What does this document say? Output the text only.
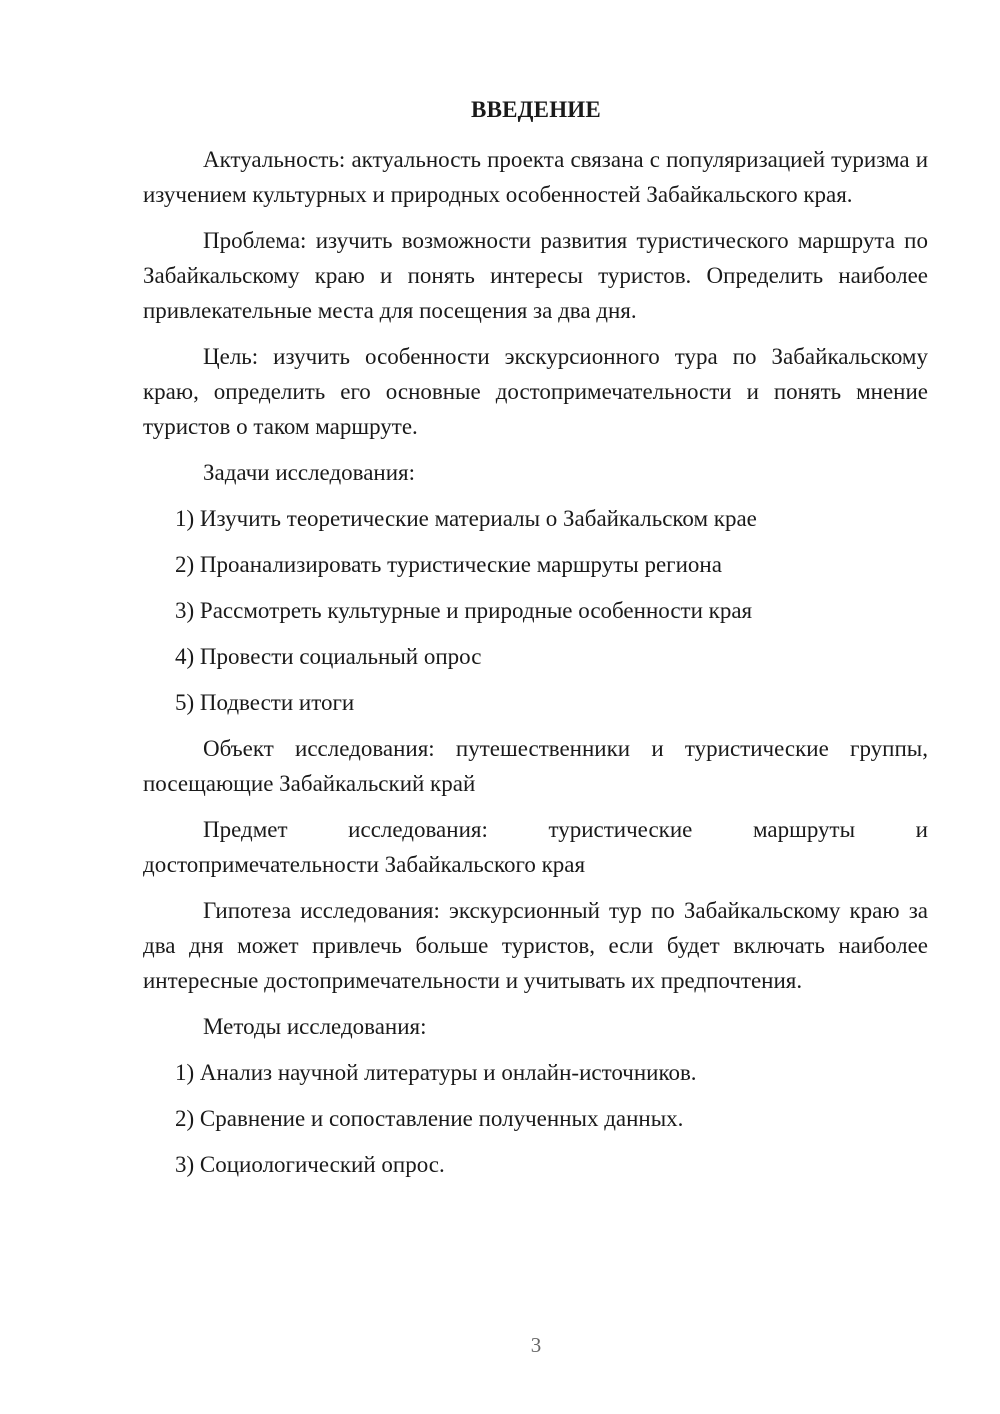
ВВЕДЕНИЕ

Актуальность: актуальность проекта связана с популяризацией туризма и изучением культурных и природных особенностей Забайкальского края.

Проблема: изучить возможности развития туристического маршрута по Забайкальскому краю и понять интересы туристов. Определить наиболее привлекательные места для посещения за два дня.

Цель: изучить особенности экскурсионного тура по Забайкальскому краю, определить его основные достопримечательности и понять мнение туристов о таком маршруте.

Задачи исследования:

1) Изучить теоретические материалы о Забайкальском крае

2) Проанализировать туристические маршруты региона

3) Рассмотреть культурные и природные особенности края

4) Провести социальный опрос

5) Подвести итоги

Объект исследования: путешественники и туристические группы, посещающие Забайкальский край

Предмет исследования: туристические маршруты и достопримечательности Забайкальского края

Гипотеза исследования: экскурсионный тур по Забайкальскому краю за два дня может привлечь больше туристов, если будет включать наиболее интересные достопримечательности и учитывать их предпочтения.

Методы исследования:

1) Анализ научной литературы и онлайн-источников.

2) Сравнение и сопоставление полученных данных.

3) Социологический опрос.

3
